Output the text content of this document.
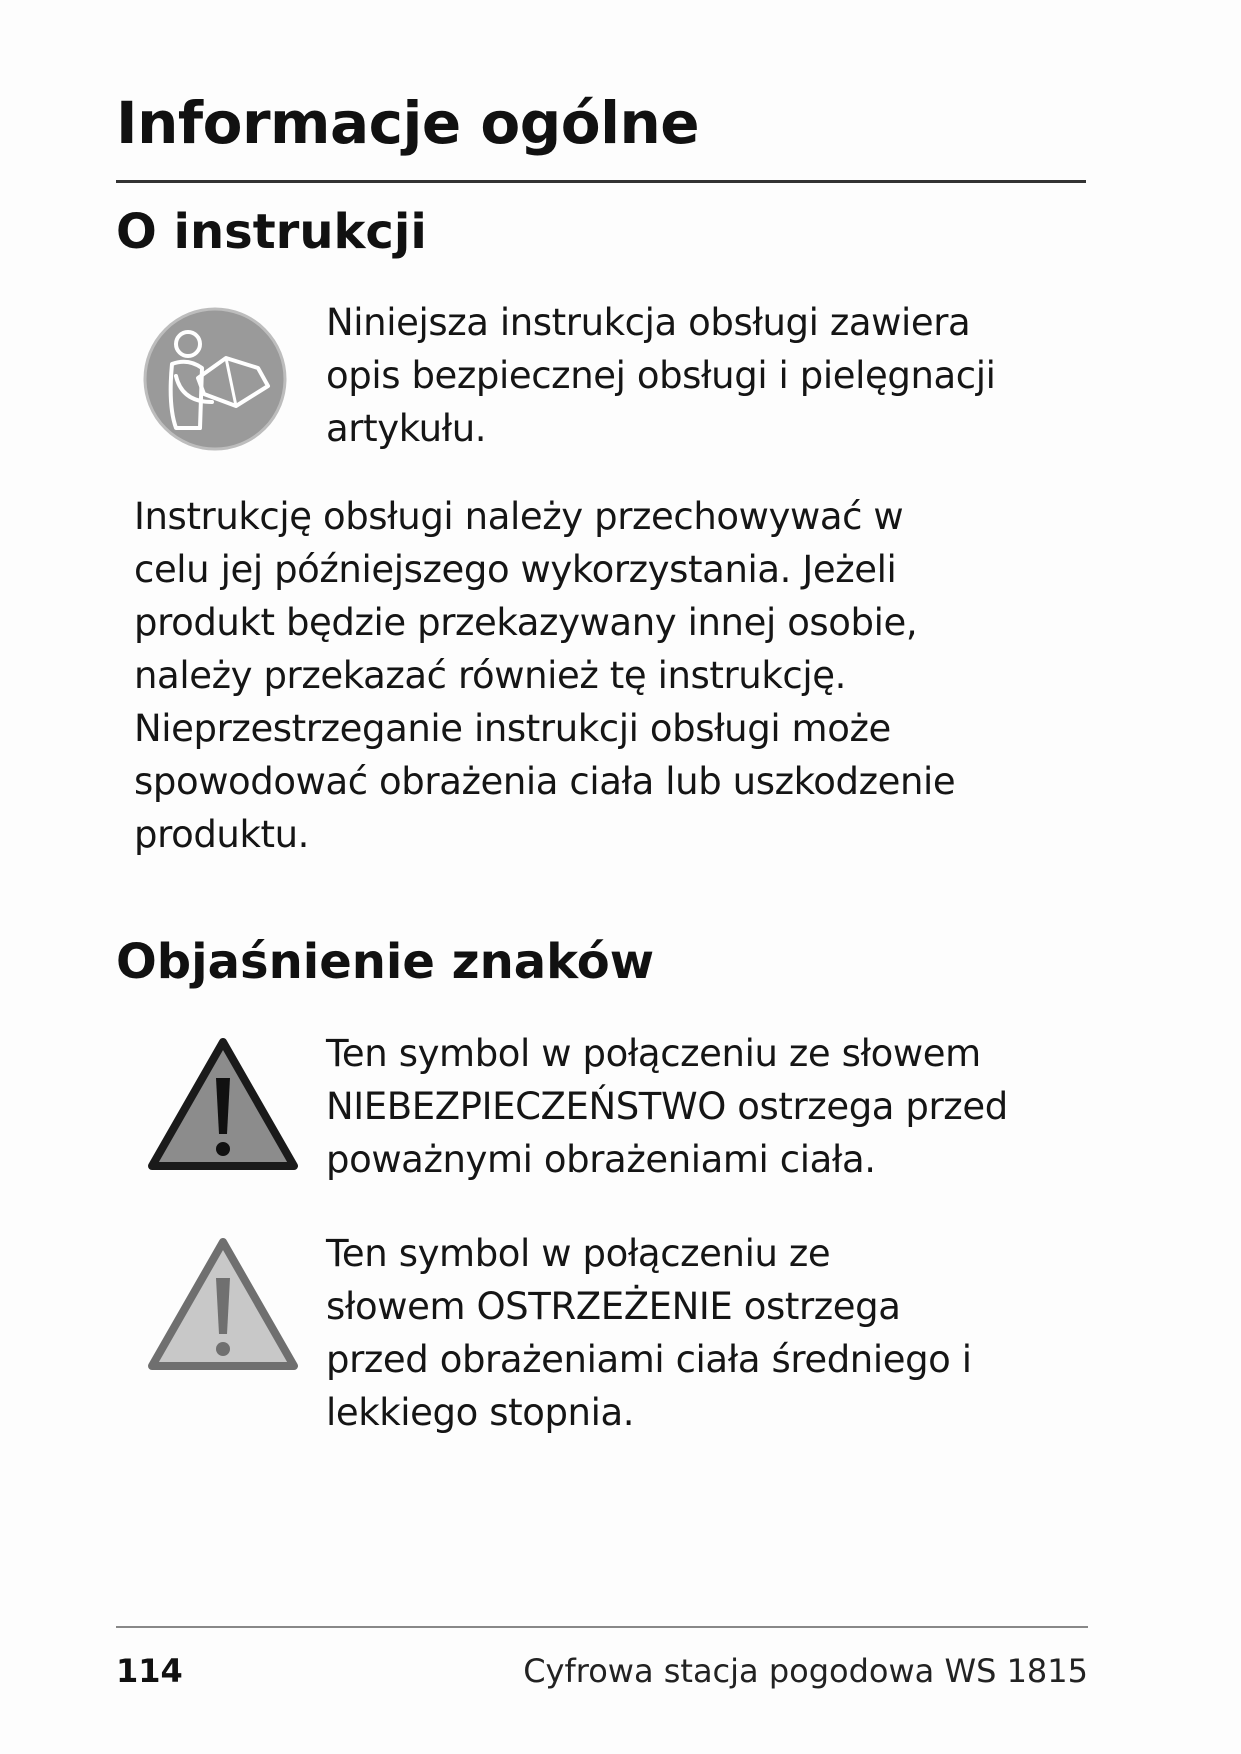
Informacje ogólne
O instrukcji

Niniejsza instrukcja obsługi zawiera
opis bezpiecznej obsługi i pielęgnacji
artykułu.

Instrukcję obsługi należy przechowywać w
celu jej późniejszego wykorzystania. Jeżeli
produkt będzie przekazywany innej osobie,
należy przekazać również tę instrukcję.
Nieprzestrzeganie instrukcji obsługi może
spowodować obrażenia ciała lub uszkodzenie
produktu.

Objaśnienie znaków

Ten symbol w połączeniu ze słowem
NIEBEZPIECZEŃSTWO ostrzega przed
poważnymi obrażeniami ciała.

Ten symbol w połączeniu ze
słowem OSTRZEŻENIE ostrzega
przed obrażeniami ciała średniego i
lekkiego stopnia.

114	Cyfrowa stacja pogodowa WS 1815
